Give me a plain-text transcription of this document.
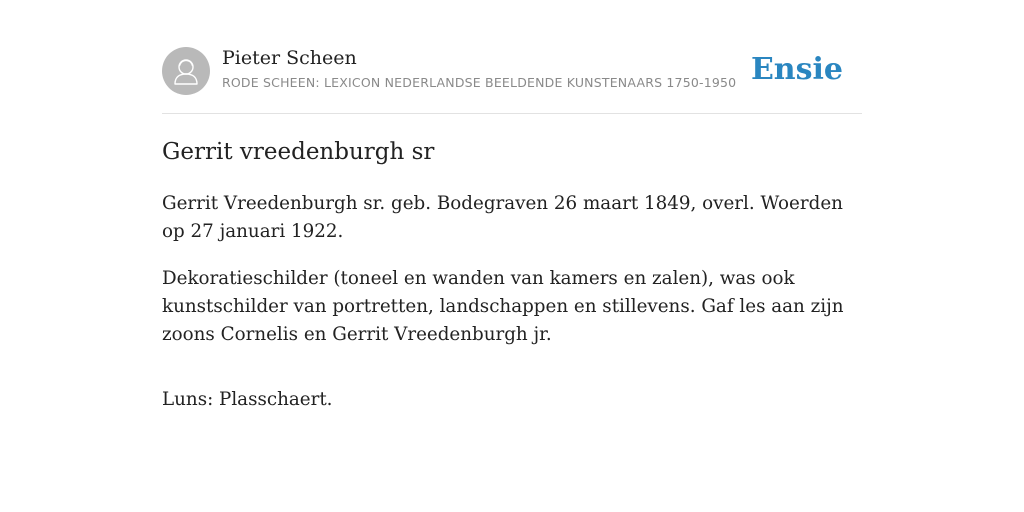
Pieter Scheen
RODE SCHEEN: LEXICON NEDERLANDSE BEELDENDE KUNSTENAARS 1750-1950 Ensie
Gerrit vreedenburgh sr

Gerrit Vreedenburgh sr. geb. Bodegraven 26 maart 1849, overl. Woerden op 27 januari 1922.

Dekoratieschilder (toneel en wanden van kamers en zalen), was ook kunstschilder van portretten, landschappen en stillevens. Gaf les aan zijn zoons Cornelis en Gerrit Vreedenburgh jr.

Luns: Plasschaert.
